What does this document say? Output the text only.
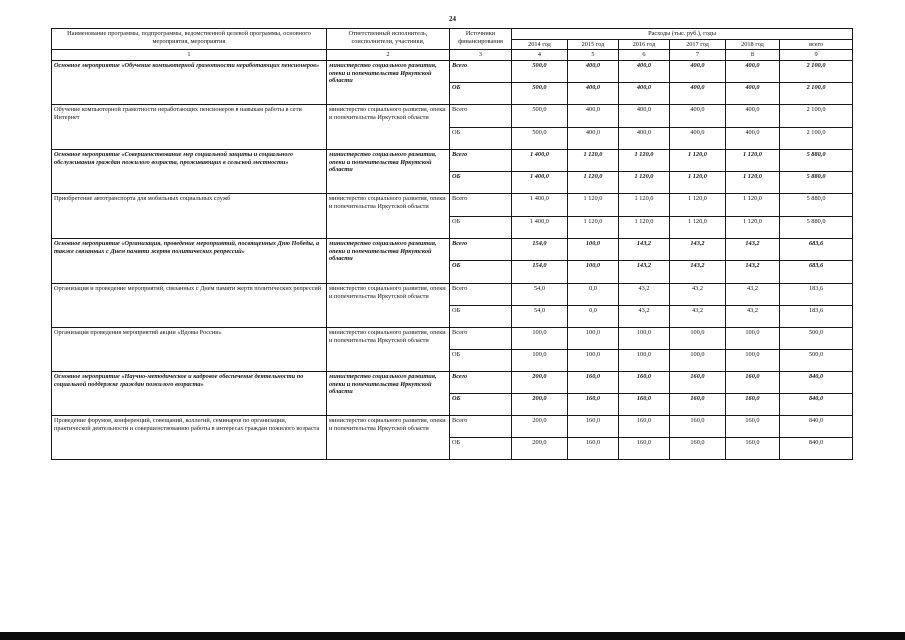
24
Наименование программы, подпрограммы, ведомственной целевой программы, основного мероприятия, мероприятия	Ответственный исполнитель, соисполнители, участники,	Источники финансирования	Расходы (тыс. руб.), годы					
			2014 год	2015 год	2016 год	2017 год	2018 год	всего
1	2	3	4	5	6	7	8	9
Основное мероприятие «Обучение компьютерной грамотности неработающих пенсионеров»	министерство социального развития, опеки и попечительства Иркутской области	Всего	500,0	400,0	400,0	400,0	400,0	2 100,0
		ОБ	500,0	400,0	400,0	400,0	400,0	2 100,0
Обучение компьютерной грамотности неработающих пенсионеров в навыкам работы в сети Интернет	министерство социального развития, опеки и попечительства Иркутской области	Всего	500,0	400,0	400,0	400,0	400,0	2 100,0
		ОБ	500,0	400,0	400,0	400,0	400,0	2 100,0
Основное мероприятие «Совершенствование мер социальной защиты и социального обслуживания граждан пожилого возраста, проживающих в сельской местности»	министерство социального развития, опеки и попечительства Иркутской области	Всего	1 400,0	1 120,0	1 120,0	1 120,0	1 120,0	5 880,0
		ОБ	1 400,0	1 120,0	1 120,0	1 120,0	1 120,0	5 880,0
Приобретение автотранспорта для мобильных социальных служб	министерство социального развития, опеки и попечительства Иркутской области	Всего	1 400,0	1 120,0	1 120,0	1 120,0	1 120,0	5 880,0
		ОБ	1 400,0	1 120,0	1 120,0	1 120,0	1 120,0	5 880,0
Основное мероприятие «Организация, проведение мероприятий, посвященных Дню Победы, а также связанных с Днем памяти жертв политических репрессий»	министерство социального развития, опеки и попечительства Иркутской области	Всего	154,0	100,0	143,2	143,2	143,2	683,6
		ОБ	154,0	100,0	143,2	143,2	143,2	683,6
Организация и проведение мероприятий, связанных с Днем памяти жертв политических репрессий	министерство социального развития, опеки и попечительства Иркутской области	Всего	54,0	0,0	43,2	43,2	43,2	183,6
		ОБ	54,0	0,0	43,2	43,2	43,2	183,6
Организация проведения мероприятий акции «Вдовы России»	министерство социального развития, опеки и попечительства Иркутской области	Всего	100,0	100,0	100,0	100,0	100,0	500,0
		ОБ	100,0	100,0	100,0	100,0	100,0	500,0
Основное мероприятие «Научно-методическое и кадровое обеспечение деятельности по социальной поддержке граждан пожилого возраста»	министерство социального развития, опеки и попечительства Иркутской области	Всего	200,0	160,0	160,0	160,0	160,0	840,0
		ОБ	200,0	160,0	160,0	160,0	160,0	840,0
Проведение форумов, конференций, совещаний, коллегий, семинаров по организации, практической деятельности и совершенствованию работы в интересах граждан пожилого возраста	министерство социального развития, опеки и попечительства Иркутской области	Всего	200,0	160,0	160,0	160,0	160,0	840,0
		ОБ	200,0	160,0	160,0	160,0	160,0	840,0
